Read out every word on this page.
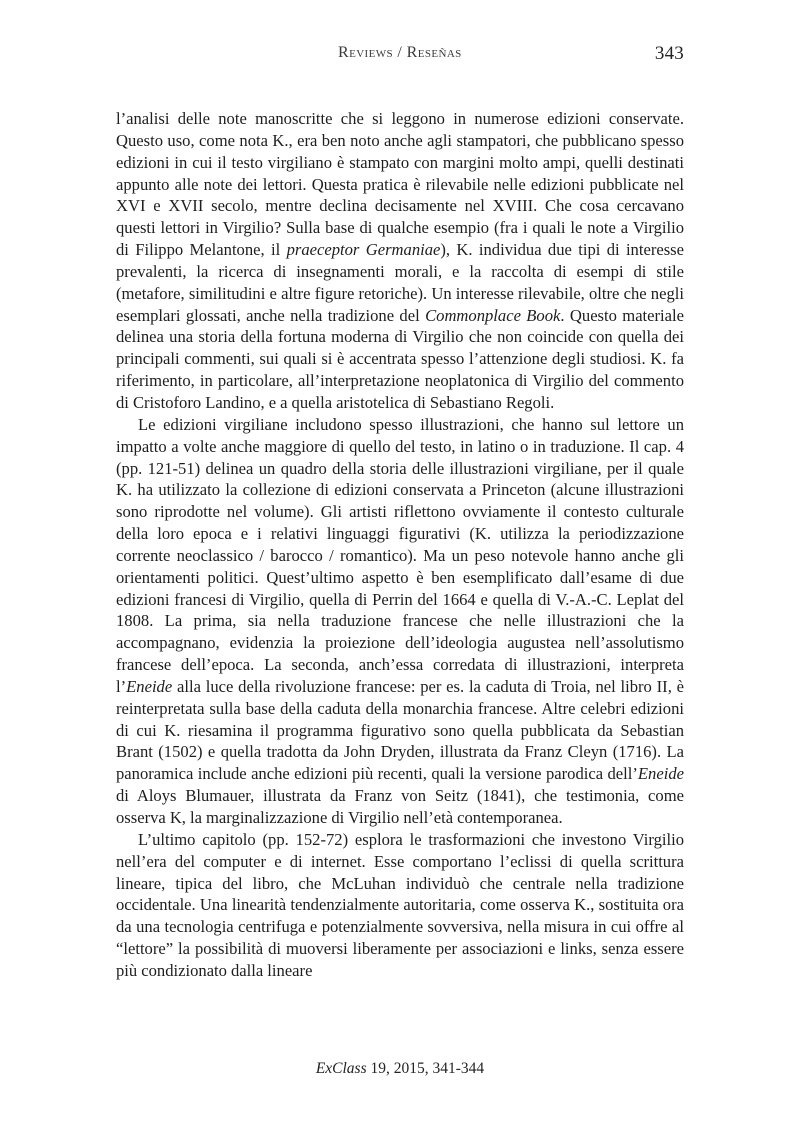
Reviews / Reseñas	343

l’analisi delle note manoscritte che si leggono in numerose edizioni conservate. Questo uso, come nota K., era ben noto anche agli stampatori, che pubblicano spesso edizioni in cui il testo virgiliano è stampato con margini molto ampi, quelli destinati appunto alle note dei lettori. Questa pratica è rilevabile nelle edizioni pubblicate nel XVI e XVII secolo, mentre declina decisamente nel XVIII. Che cosa cercavano questi lettori in Virgilio? Sulla base di qualche esempio (fra i quali le note a Virgilio di Filippo Melantone, il praeceptor Germaniae), K. individua due tipi di interesse prevalenti, la ricerca di insegnamenti morali, e la raccolta di esempi di stile (metafore, similitudini e altre figure retoriche). Un interesse rilevabile, oltre che negli esemplari glossati, anche nella tradizione del Commonplace Book. Questo materiale delinea una storia della fortuna moderna di Virgilio che non coincide con quella dei principali commenti, sui quali si è accentrata spesso l’attenzione degli studiosi. K. fa riferimento, in particolare, all’interpretazione neoplatonica di Virgilio del commento di Cristoforo Landino, e a quella aristotelica di Sebastiano Regoli.

Le edizioni virgiliane includono spesso illustrazioni, che hanno sul lettore un impatto a volte anche maggiore di quello del testo, in latino o in traduzione. Il cap. 4 (pp. 121-51) delinea un quadro della storia delle illustrazioni virgiliane, per il quale K. ha utilizzato la collezione di edizioni conservata a Princeton (alcune illustrazioni sono riprodotte nel volume). Gli artisti riflettono ovviamente il contesto culturale della loro epoca e i relativi linguaggi figurativi (K. utilizza la periodizzazione corrente neoclassico / barocco / romantico). Ma un peso notevole hanno anche gli orientamenti politici. Quest’ultimo aspetto è ben esemplificato dall’esame di due edizioni francesi di Virgilio, quella di Perrin del 1664 e quella di V.-A.-C. Leplat del 1808. La prima, sia nella traduzione francese che nelle illustrazioni che la accompagnano, evidenzia la proiezione dell’ideologia augustea nell’assolutismo francese dell’epoca. La seconda, anch’essa corredata di illustrazioni, interpreta l’Eneide alla luce della rivoluzione francese: per es. la caduta di Troia, nel libro II, è reinterpretata sulla base della caduta della monarchia francese. Altre celebri edizioni di cui K. riesamina il programma figurativo sono quella pubblicata da Sebastian Brant (1502) e quella tradotta da John Dryden, illustrata da Franz Cleyn (1716). La panoramica include anche edizioni più recenti, quali la versione parodica dell’Eneide di Aloys Blumauer, illustrata da Franz von Seitz (1841), che testimonia, come osserva K, la marginalizzazione di Virgilio nell’età contemporanea.

L’ultimo capitolo (pp. 152-72) esplora le trasformazioni che investono Virgilio nell’era del computer e di internet. Esse comportano l’eclissi di quella scrittura lineare, tipica del libro, che McLuhan individuò che centrale nella tradizione occidentale. Una linearità tendenzialmente autoritaria, come osserva K., sostituita ora da una tecnologia centrifuga e potenzialmente sovversiva, nella misura in cui offre al “lettore” la possibilità di muoversi liberamente per associazioni e links, senza essere più condizionato dalla lineare

ExClass 19, 2015, 341-344
